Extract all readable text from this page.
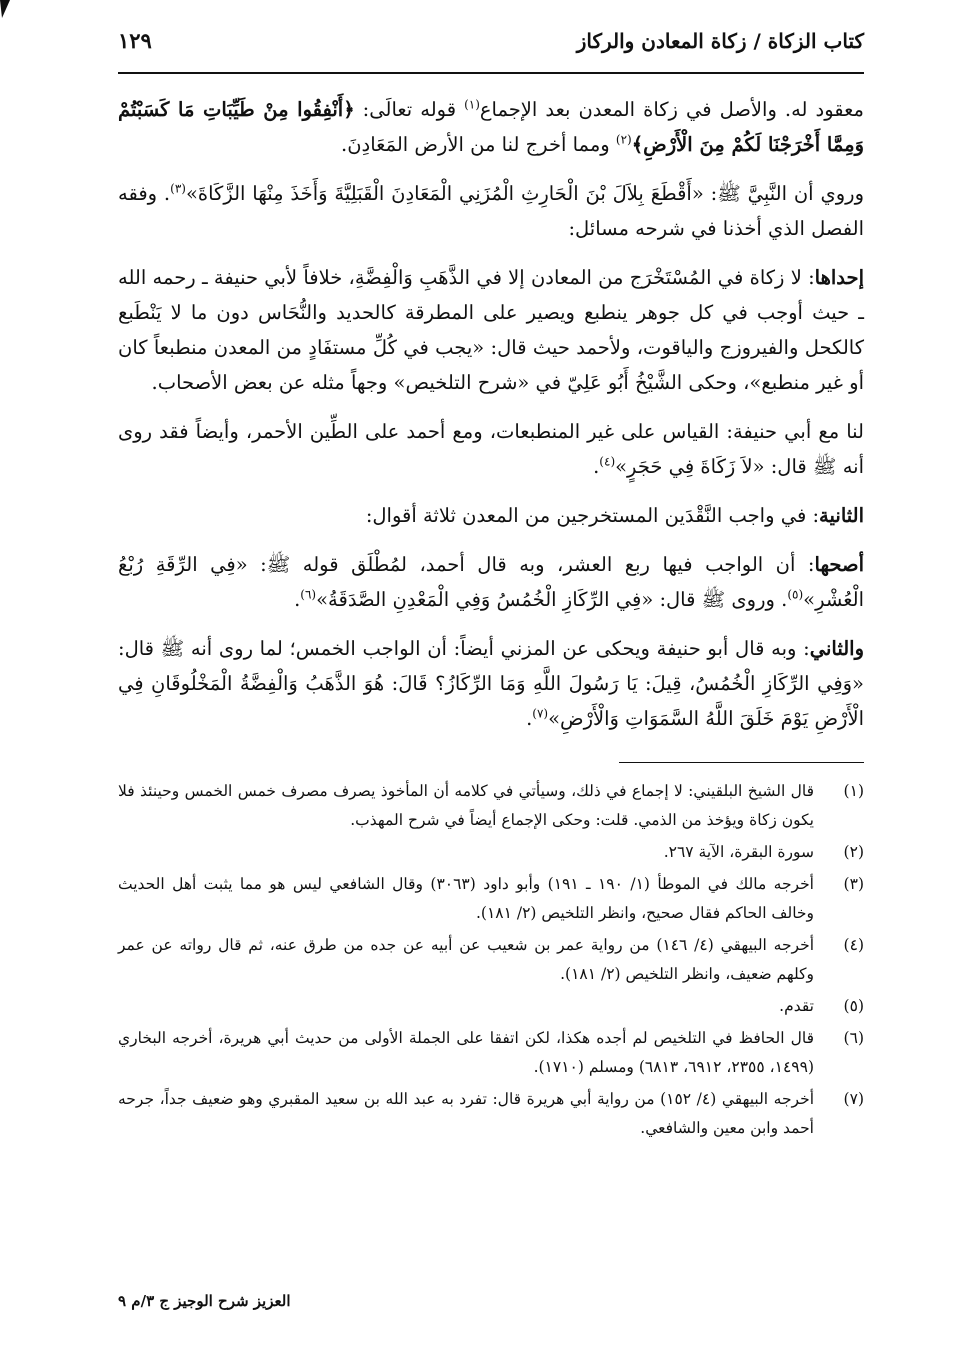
كتاب الزكاة / زكاة المعادن والركاز
١٢٩

معقود له. والأصل في زكاة المعدن بعد الإجماع$^{(١)}$ قوله تعالَى: ﴿أَنْفِقُوا مِنْ طَيِّبَاتِ مَا كَسَبْتُمْ وَمِمَّا أَخْرَجْنَا لَكُمْ مِنَ الْأَرْضِ﴾$^{(٢)}$ ومما أخرج لنا من الأرض المَعَادِنَ.

وروي أن النَّبِيَّ ﷺ: «أَقْطَعَ بِلاَلَ بْنَ الْحَارِثِ الْمُزَنِي الْمَعَادِنَ الْقَبَلِيَّةَ وَأَخَذَ مِنْهَا الزَّكَاةَ»$^{(٣)}$. وفقه الفصل الذي أخذنا في شرحه مسائل:

إحداها: لا زكاة في المُسْتَخْرَج من المعادن إلا في الذَّهَبِ وَالْفِضَّةِ، خلافاً لأبي حنيفة ـ رحمه الله ـ حيث أوجب في كل جوهر ينطبع ويصير على المطرقة كالحديد والنُّحَاس دون ما لا يَنْطَبع كالكحل والفيروزج والياقوت، ولأحمد حيث قال: «يجب في كُلِّ مستفَادٍ من المعدن منطبعاً كان أو غير منطبع»، وحكى الشَّيْخُ أَبُو عَلِيّ في «شرح التلخيص» وجهاً مثله عن بعض الأصحاب.

لنا مع أبي حنيفة: القياس على غير المنطبعات، ومع أحمد على الطِّين الأحمر، وأيضاً فقد روى أنه ﷺ قال: «لاَ زَكَاةَ فِي حَجَرٍ»$^{(٤)}$.

الثانية: في واجب النَّقْدَين المستخرجين من المعدن ثلاثة أقوال:

أصحها: أن الواجب فيها ربع العشر، وبه قال أحمد، لمُطْلَق قوله ﷺ: «فِي الرِّقَةِ رُبْعُ الْعُشْرِ»$^{(٥)}$. وروى ﷺ قال: «فِي الرِّكَازِ الْخُمُسُ وَفِي الْمَعْدِنِ الصَّدَقَةُ»$^{(٦)}$.

والثاني: وبه قال أبو حنيفة ويحكى عن المزني أيضاً: أن الواجب الخمس؛ لما روى أنه ﷺ قال: «وَفِي الرِّكَازِ الْخُمُسُ، قِيلَ: يَا رَسُولَ اللَّهِ وَمَا الرِّكَازُ؟ قَالَ: هُوَ الذَّهَبُ وَالْفِضَّةُ الْمَخْلُوقَانِ فِي الْأَرْضِ يَوْمَ خَلَقَ اللَّهُ السَّمَوَاتِ وَالْأَرْضِ»$^{(٧)}$.

(١)
قال الشيخ البلقيني: لا إجماع في ذلك، وسيأتي في كلامه أن المأخوذ يصرف مصرف خمس الخمس وحينئذ فلا يكون زكاة ويؤخذ من الذمي. قلت: وحكى الإجماع أيضاً في شرح المهذب.
(٢)
سورة البقرة، الآية ٢٦٧.
(٣)
أخرجه مالك في الموطأ (١/ ١٩٠ ـ ١٩١) وأبو داود (٣٠٦٣) وقال الشافعي ليس هو مما يثبت أهل الحديث وخالف الحاكم فقال صحيح، وانظر التلخيص (٢/ ١٨١).
(٤)
أخرجه البيهقي (٤/ ١٤٦) من رواية عمر بن شعيب عن أبيه عن جده من طرق عنه، ثم قال رواته عن عمر وكلهم ضعيف، وانظر التلخيص (٢/ ١٨١).
(٥)
تقدم.
(٦)
قال الحافظ في التلخيص لم أجده هكذا، لكن اتفقا على الجملة الأولى من حديث أبي هريرة، أخرجه البخاري (١٤٩٩، ٢٣٥٥، ٦٩١٢، ٦٨١٣) ومسلم (١٧١٠).
(٧)
أخرجه البيهقي (٤/ ١٥٢) من رواية أبي هريرة قال: تفرد به عبد الله بن سعيد المقبري وهو ضعيف جداً، جرحه أحمد وابن معين والشافعي.
العزيز شرح الوجيز ج ٣/م ٩
